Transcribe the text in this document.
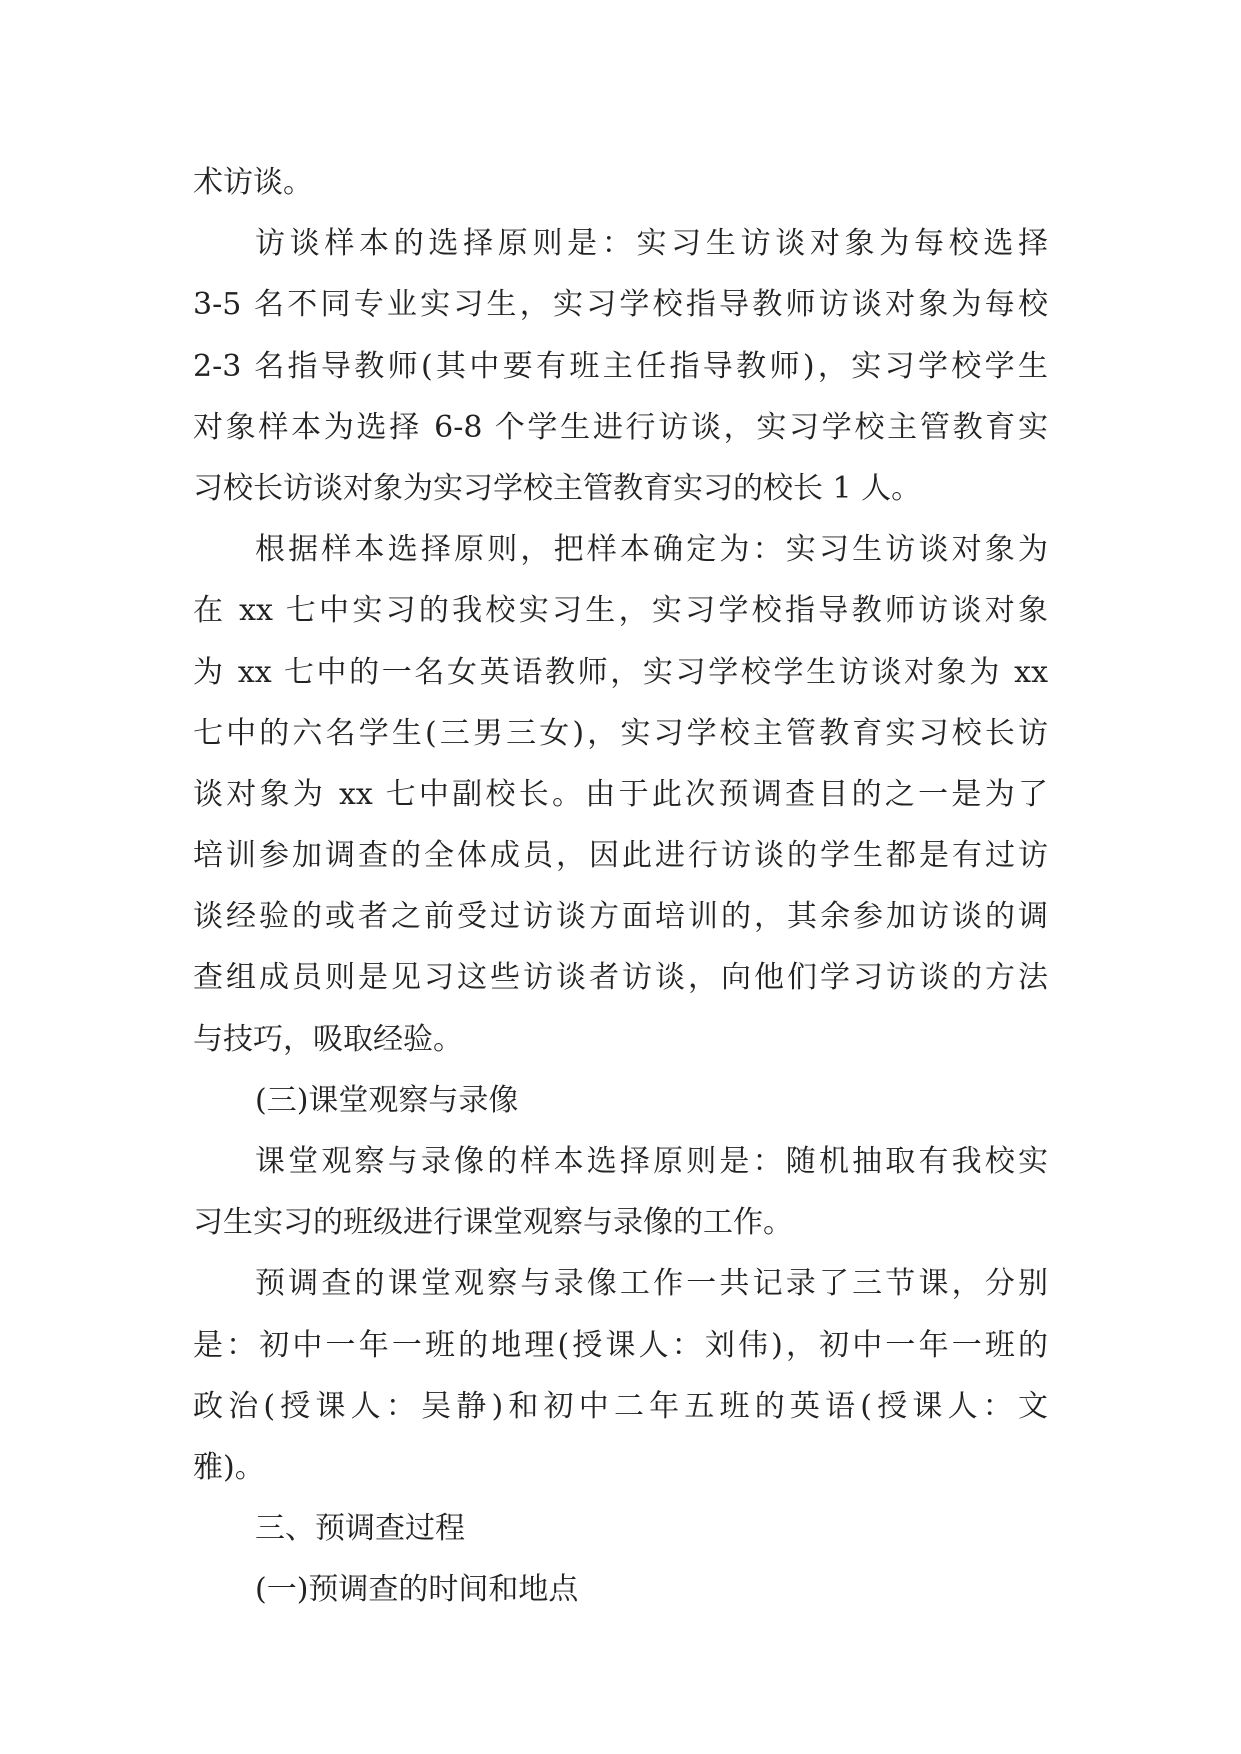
术访谈。
访谈样本的选择原则是：实习生访谈对象为每校选择
3-5 名不同专业实习生，实习学校指导教师访谈对象为每校
2-3 名指导教师(其中要有班主任指导教师)，实习学校学生
对象样本为选择 6-8 个学生进行访谈，实习学校主管教育实
习校长访谈对象为实习学校主管教育实习的校长 1 人。
根据样本选择原则，把样本确定为：实习生访谈对象为
在 xx 七中实习的我校实习生，实习学校指导教师访谈对象
为 xx 七中的一名女英语教师，实习学校学生访谈对象为 xx
七中的六名学生(三男三女)，实习学校主管教育实习校长访
谈对象为 xx 七中副校长。由于此次预调查目的之一是为了
培训参加调查的全体成员，因此进行访谈的学生都是有过访
谈经验的或者之前受过访谈方面培训的，其余参加访谈的调
查组成员则是见习这些访谈者访谈，向他们学习访谈的方法
与技巧，吸取经验。
(三)课堂观察与录像
课堂观察与录像的样本选择原则是：随机抽取有我校实
习生实习的班级进行课堂观察与录像的工作。
预调查的课堂观察与录像工作一共记录了三节课，分别
是：初中一年一班的地理(授课人：刘伟)，初中一年一班的
政治(授课人：吴静)和初中二年五班的英语(授课人：文
雅)。
三、预调查过程
(一)预调查的时间和地点
